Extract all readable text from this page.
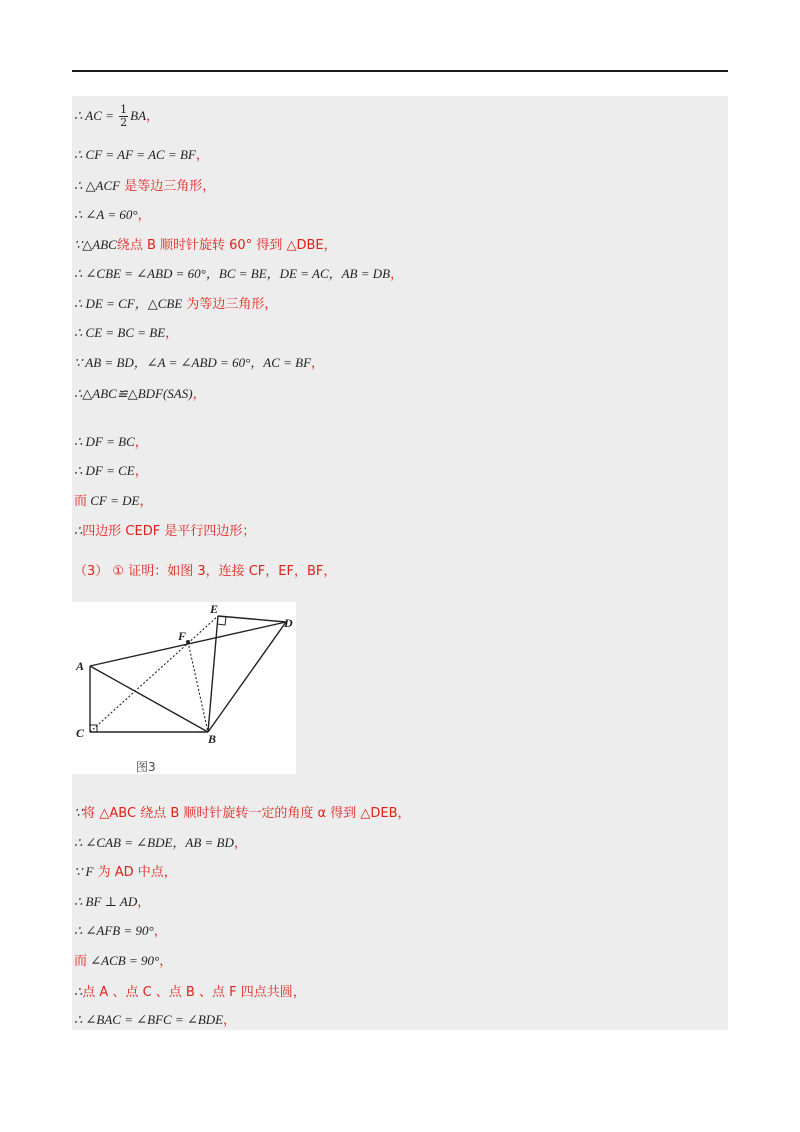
∴ AC = $\frac{1}{2}$ BA，
∴ CF = AF = AC = BF，
∴ △ACF 是等边三角形，
∴ ∠A = 60°，
∵△ABC绕点 B 顺时针旋转 60° 得到 △DBE，
∴ ∠CBE = ∠ABD = 60°，BC = BE，DE = AC，AB = DB，
∴ DE = CF，△CBE 为等边三角形，
∴ CE = BC = BE，
∵ AB = BD，∠A = ∠ABD = 60°，AC = BF，
∴△ABC≌△BDF(SAS)，
∴ DF = BC，
∴ DF = CE，
而 CF = DE，
∴四边形 CEDF 是平行四边形；
（3） ① 证明：如图 3，连接 CF，EF，BF，
A
B
C
D
E
F
图3
∵将 △ABC 绕点 B 顺时针旋转一定的角度 α 得到 △DEB，
∴ ∠CAB = ∠BDE，AB = BD，
∵ F 为 AD 中点，
∴ BF ⊥ AD，
∴ ∠AFB = 90°，
而 ∠ACB = 90°，
∴点 A 、点 C 、点 B 、点 F 四点共圆，
∴ ∠BAC = ∠BFC = ∠BDE，
